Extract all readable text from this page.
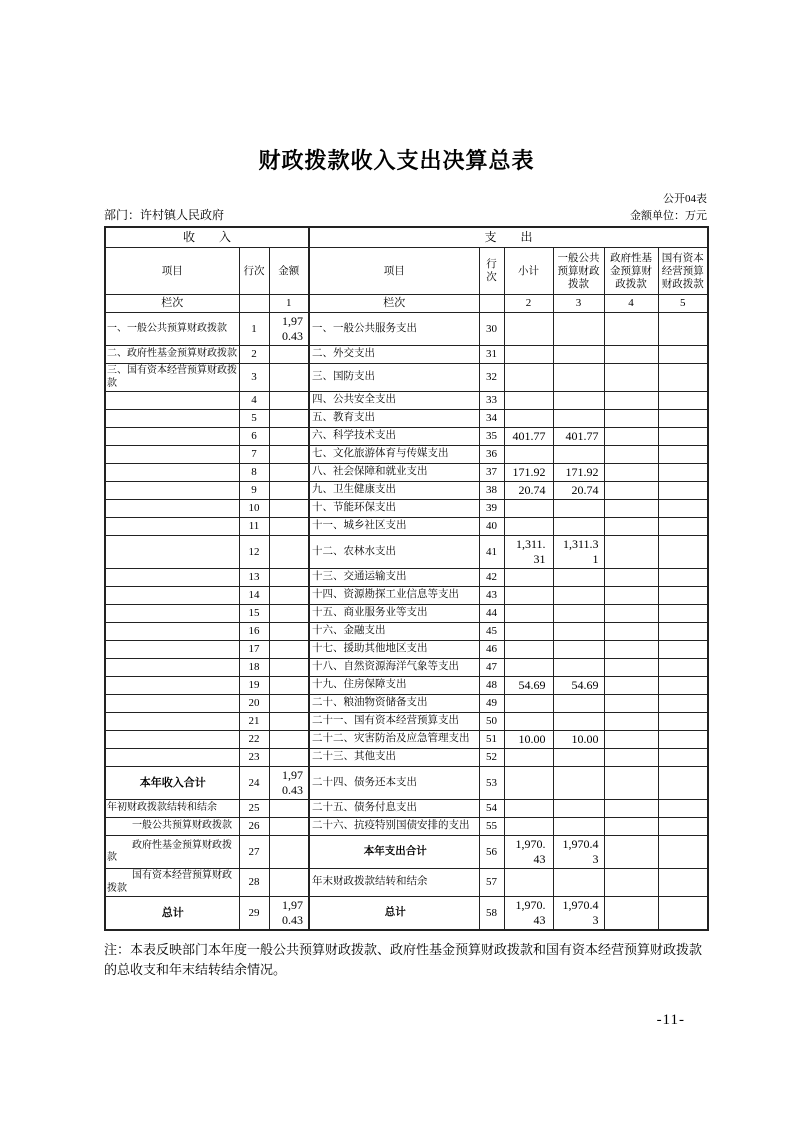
财政拨款收入支出决算总表
公开04表
部门：许村镇人民政府	金额单位：万元
收　　入			支　　出					
项目	行次	金额	项目	行次	小计	一般公共预算财政拨款	政府性基金预算财政拨款	国有资本经营预算财政拨款
栏次		1	栏次		2	3	4	5
一、一般公共预算财政拨款	1	1,970.43	一、一般公共服务支出	30				
二、政府性基金预算财政拨款	2		二、外交支出	31				
三、国有资本经营预算财政拨款	3		三、国防支出	32				
	4		四、公共安全支出	33				
	5		五、教育支出	34				
	6		六、科学技术支出	35	401.77	401.77		
	7		七、文化旅游体育与传媒支出	36				
	8		八、社会保障和就业支出	37	171.92	171.92		
	9		九、卫生健康支出	38	20.74	20.74		
	10		十、节能环保支出	39				
	11		十一、城乡社区支出	40				
	12		十二、农林水支出	41	1,311.31	1,311.31		
	13		十三、交通运输支出	42				
	14		十四、资源勘探工业信息等支出	43				
	15		十五、商业服务业等支出	44				
	16		十六、金融支出	45				
	17		十七、援助其他地区支出	46				
	18		十八、自然资源海洋气象等支出	47				
	19		十九、住房保障支出	48	54.69	54.69		
	20		二十、粮油物资储备支出	49				
	21		二十一、国有资本经营预算支出	50				
	22		二十二、灾害防治及应急管理支出	51	10.00	10.00		
	23		二十三、其他支出	52				
本年收入合计	24	1,970.43	二十四、债务还本支出	53				
年初财政拨款结转和结余	25		二十五、债务付息支出	54				
一般公共预算财政拨款	26		二十六、抗疫特别国债安排的支出	55				
政府性基金预算财政拨款	27		本年支出合计	56	1,970.43	1,970.43		
国有资本经营预算财政拨款	28		年末财政拨款结转和结余	57				
总计	29	1,970.43	总计	58	1,970.43	1,970.43		
注：本表反映部门本年度一般公共预算财政拨款、政府性基金预算财政拨款和国有资本经营预算财政拨款的总收支和年末结转结余情况。
-11-
